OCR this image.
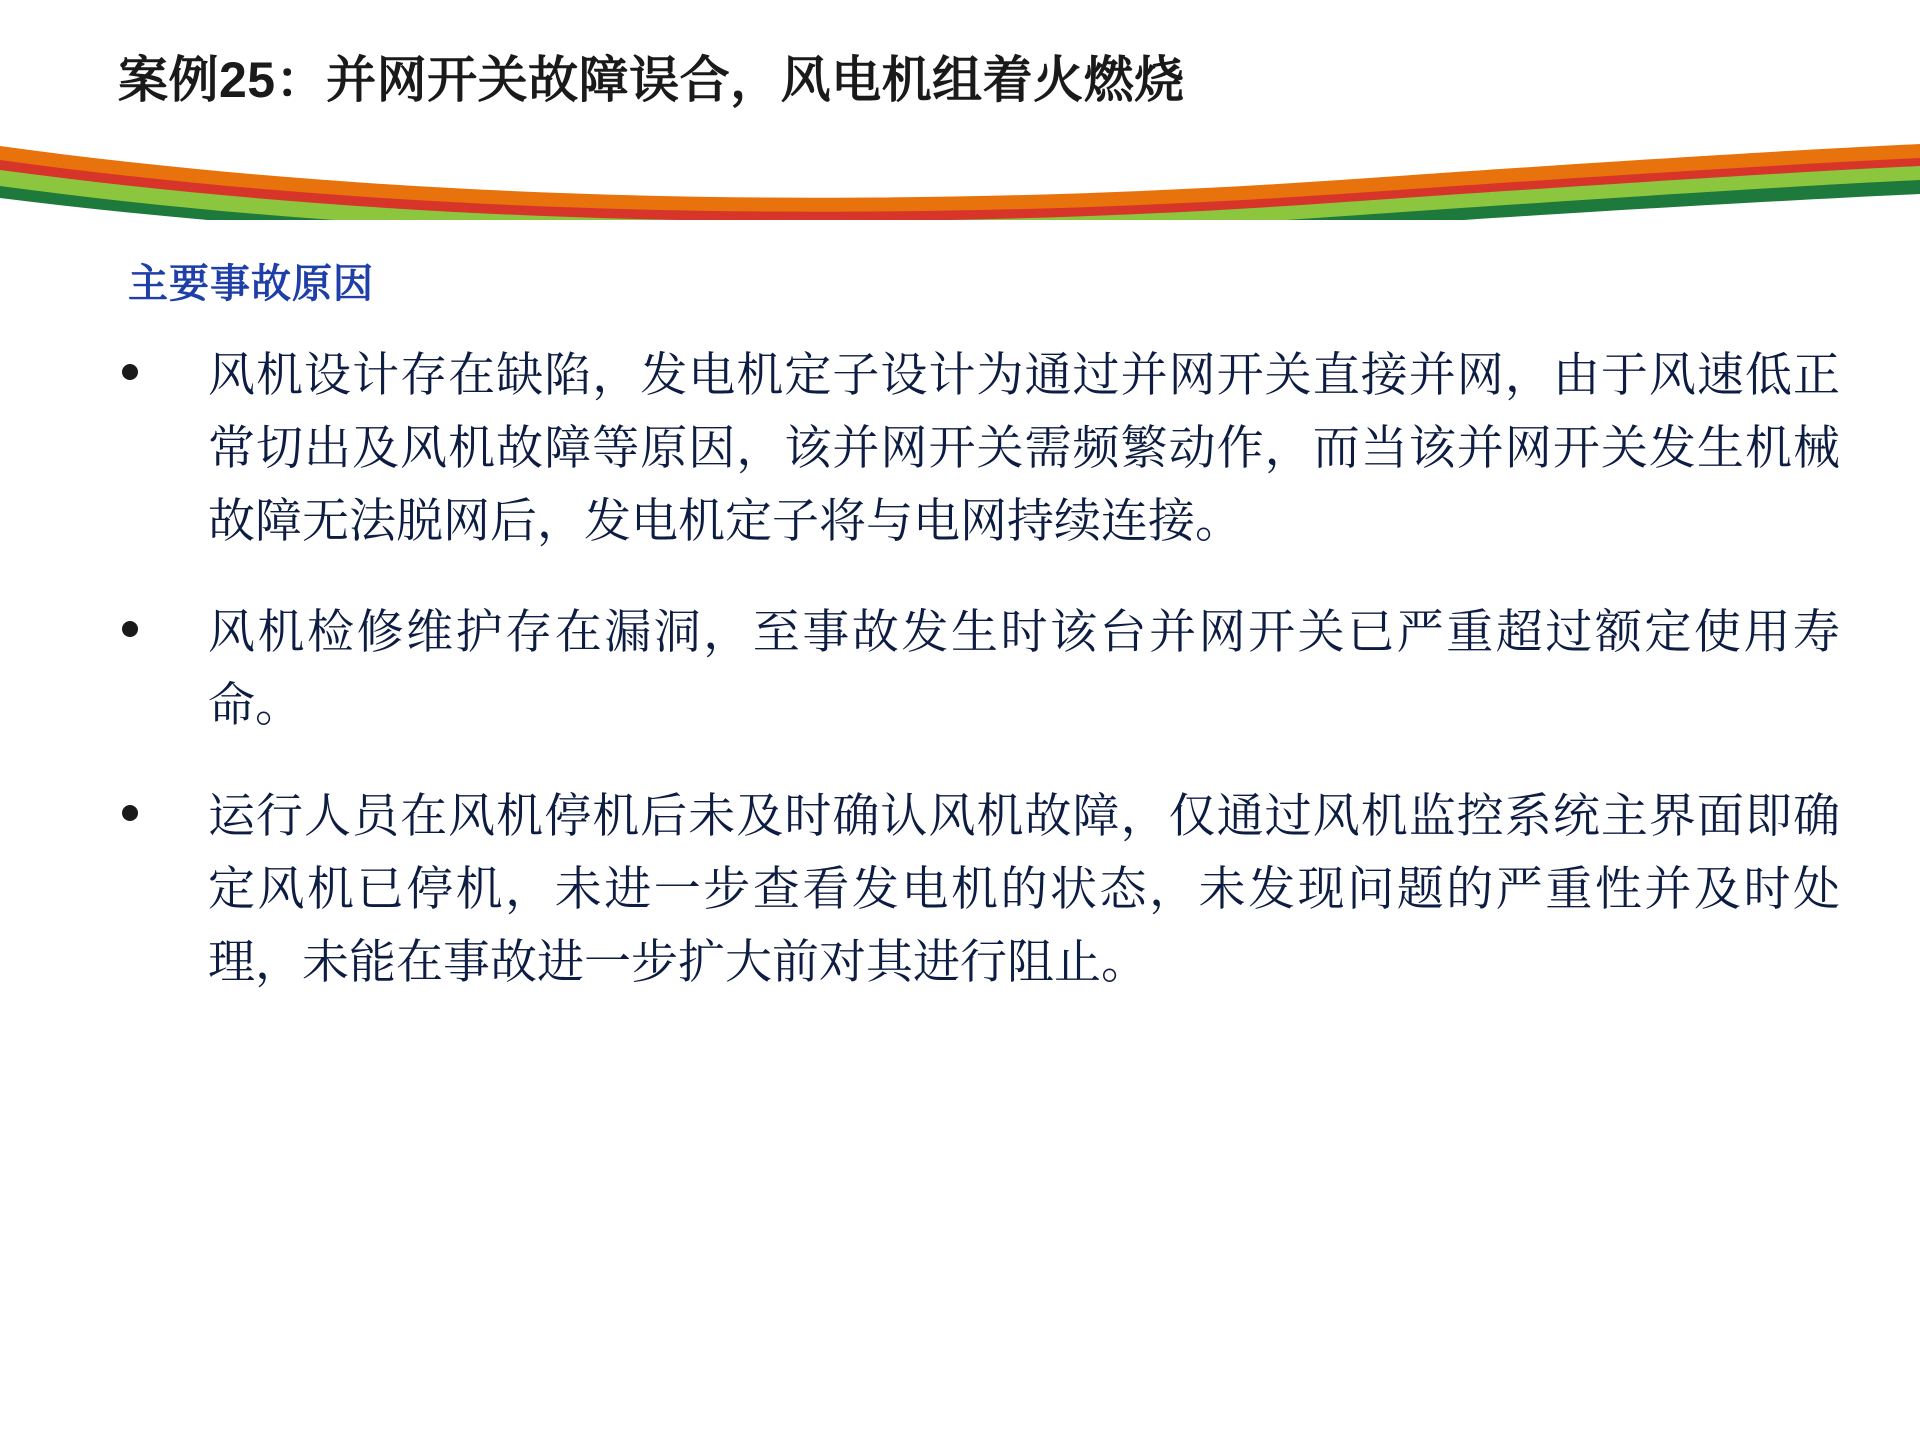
案例25：并网开关故障误合，风电机组着火燃烧
主要事故原因
风机设计存在缺陷，发电机定子设计为通过并网开关直接并网，由于风速低正常切出及风机故障等原因，该并网开关需频繁动作，而当该并网开关发生机械故障无法脱网后，发电机定子将与电网持续连接。
风机检修维护存在漏洞，至事故发生时该台并网开关已严重超过额定使用寿命。
运行人员在风机停机后未及时确认风机故障，仅通过风机监控系统主界面即确定风机已停机，未进一步查看发电机的状态，未发现问题的严重性并及时处理，未能在事故进一步扩大前对其进行阻止。
